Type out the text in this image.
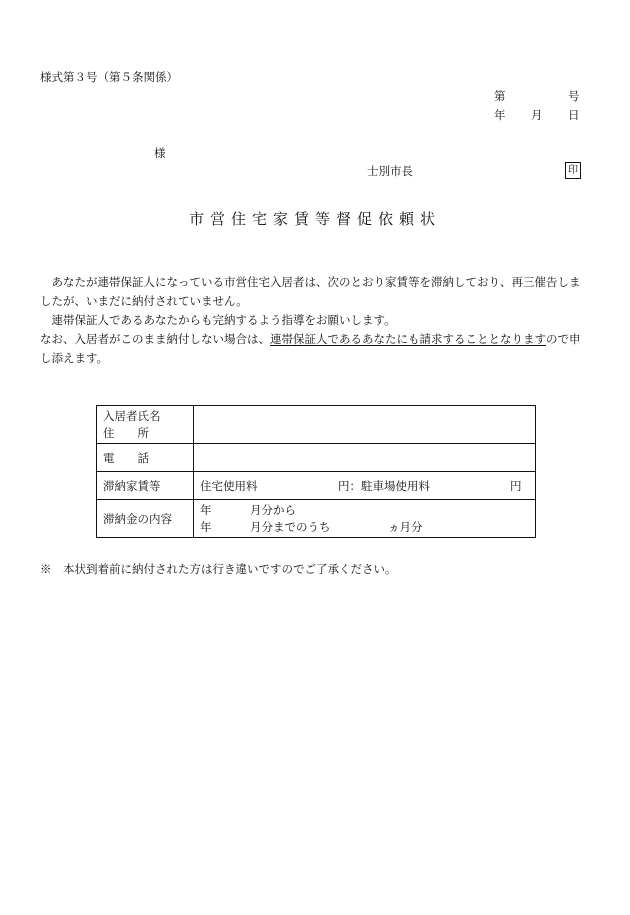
様式第３号（第５条関係）
第	号
年 月 日
様
士別市長	印
市営住宅家賃等督促依頼状

あなたが連帯保証人になっている市営住宅入居者は、次のとおり家賃等を滞納しており、再三催告しましたが、いまだに納付されていません。

連帯保証人であるあなたからも完納するよう指導をお願いします。

なお、入居者がこのまま納付しない場合は、連帯保証人であるあなたにも請求することとなりますので申し添えます。

入居者氏名
住　　所	

電　　話	
滞納家賃等	住宅使用料 円：駐車場使用料 円
滞納金の内容	年 月分から
年 月分までのうち ヵ月分
※　本状到着前に納付された方は行き違いですのでご了承ください。
